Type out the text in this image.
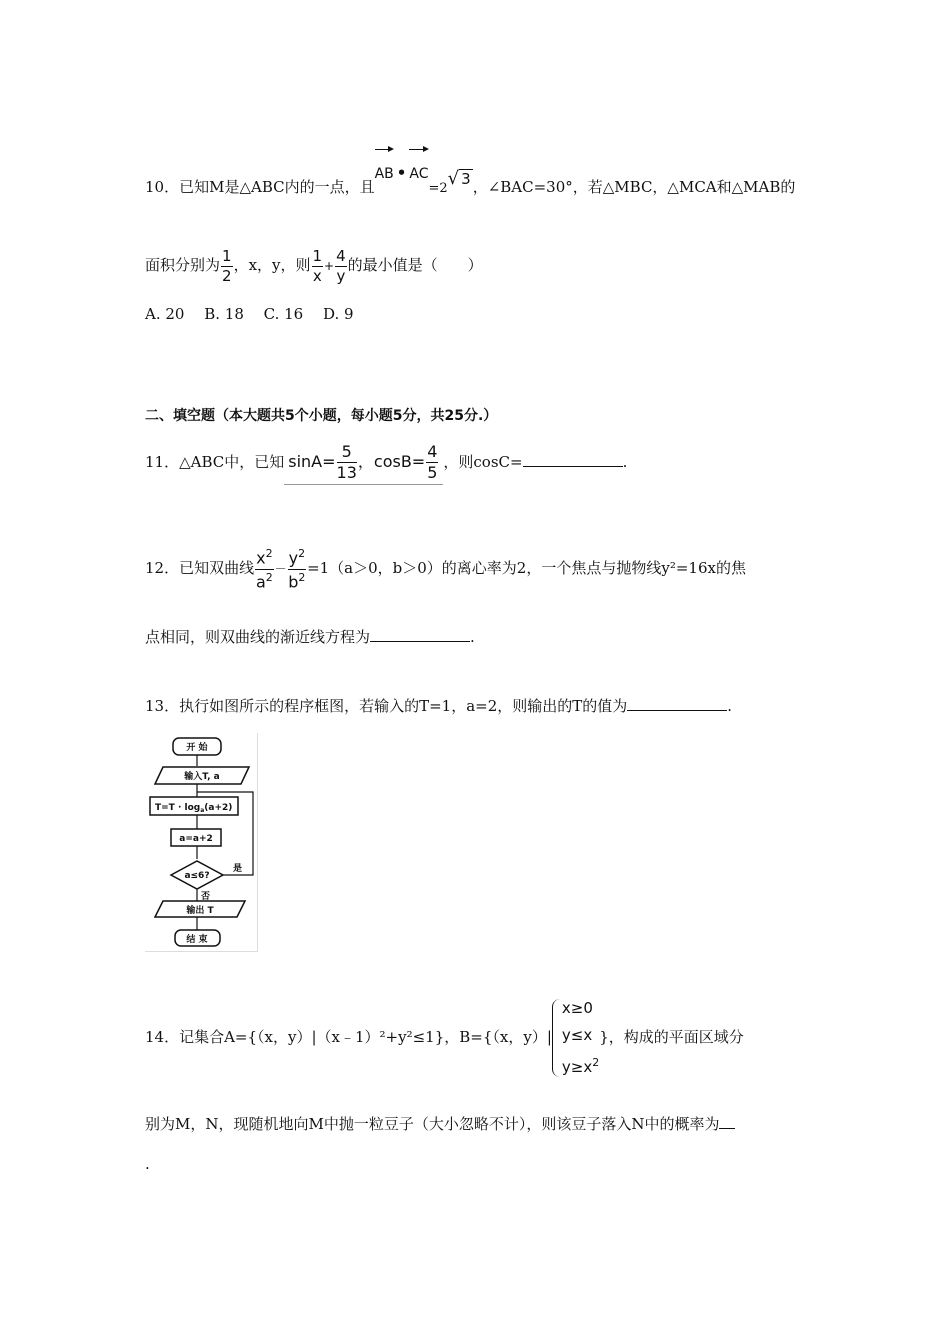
10．已知M是△ABC内的一点，且AB • AC=2√ 3 ，∠BAC=30°，若△MBC，△MCA和△MAB的
面积分别为 $\frac{1}{2}$ ，x，y，则 $\frac{1}{x} + \frac{4}{y}$ 的最小值是（　　）
A. 20　 B. 18　 C. 16　 D. 9
二、填空题（本大题共5个小题，每小题5分，共25分.）
11．△ABC中，已知 $\sin A= \frac{5}{13}$ ，$\cos B= \frac{4}{5}$ ，则cosC=	.
12．已知双曲线 $\frac{x^2}{a^2} - \frac{y^2}{b^2} =1(a>0$，b＞0）的离心率为2，一个焦点与抛物线y²=16x的焦
点相同，则双曲线的渐近线方程为	.
13．执行如图所示的程序框图，若输入的T=1，a=2，则输出的T的值为	.
开 始
输入T, a
$T=T \cdot \log_a(a+2)$
a=a+2
a≤6?
是
否
输出 T
结 束
14．记集合A={（x，y）|（x﹣1）²+y²≤1}，B={（x，y）|
x≥0
y≤x
$y\ge x^2$
}，构成的平面区域分
别为M，N，现随机地向M中抛一粒豆子（大小忽略不计），则该豆子落入N中的概率为
.
